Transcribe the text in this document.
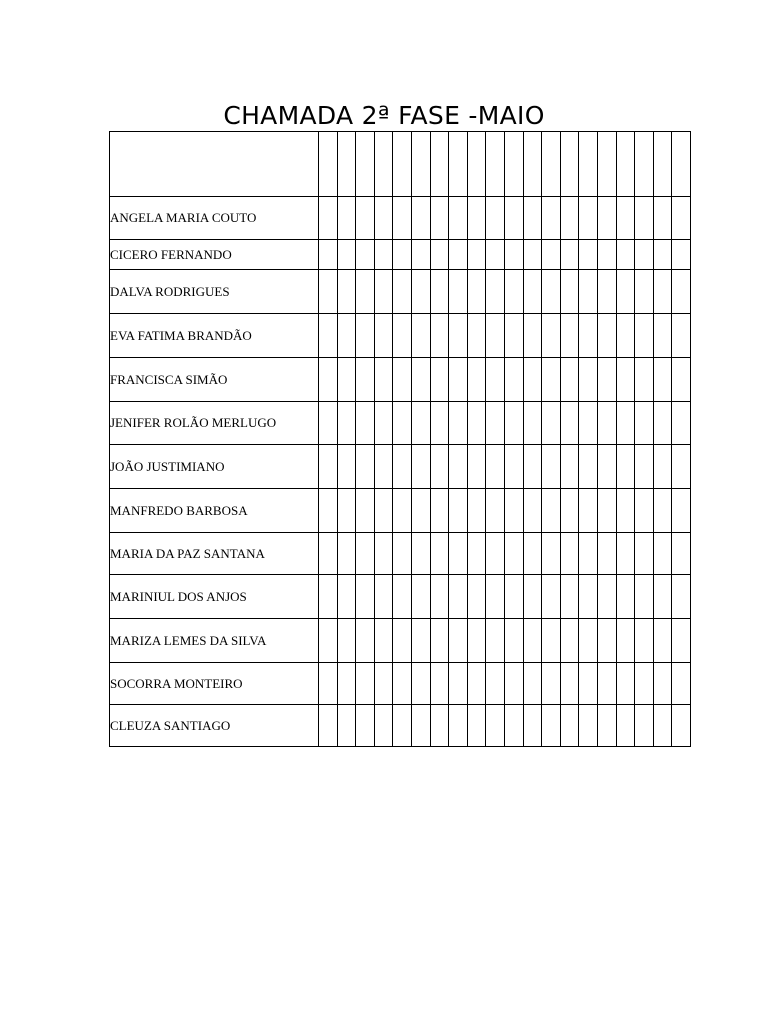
CHAMADA 2ª FASE -MAIO

ANGELA MARIA COUTO																				
CICERO FERNANDO																				
DALVA RODRIGUES																				
EVA FATIMA BRANDÃO																				
FRANCISCA SIMÃO																				
JENIFER ROLÃO MERLUGO																				
JOÃO JUSTIMIANO																				
MANFREDO BARBOSA																				
MARIA DA PAZ SANTANA																				
MARINIUL DOS ANJOS																				
MARIZA LEMES DA SILVA																				
SOCORRA MONTEIRO																				
CLEUZA SANTIAGO																				
